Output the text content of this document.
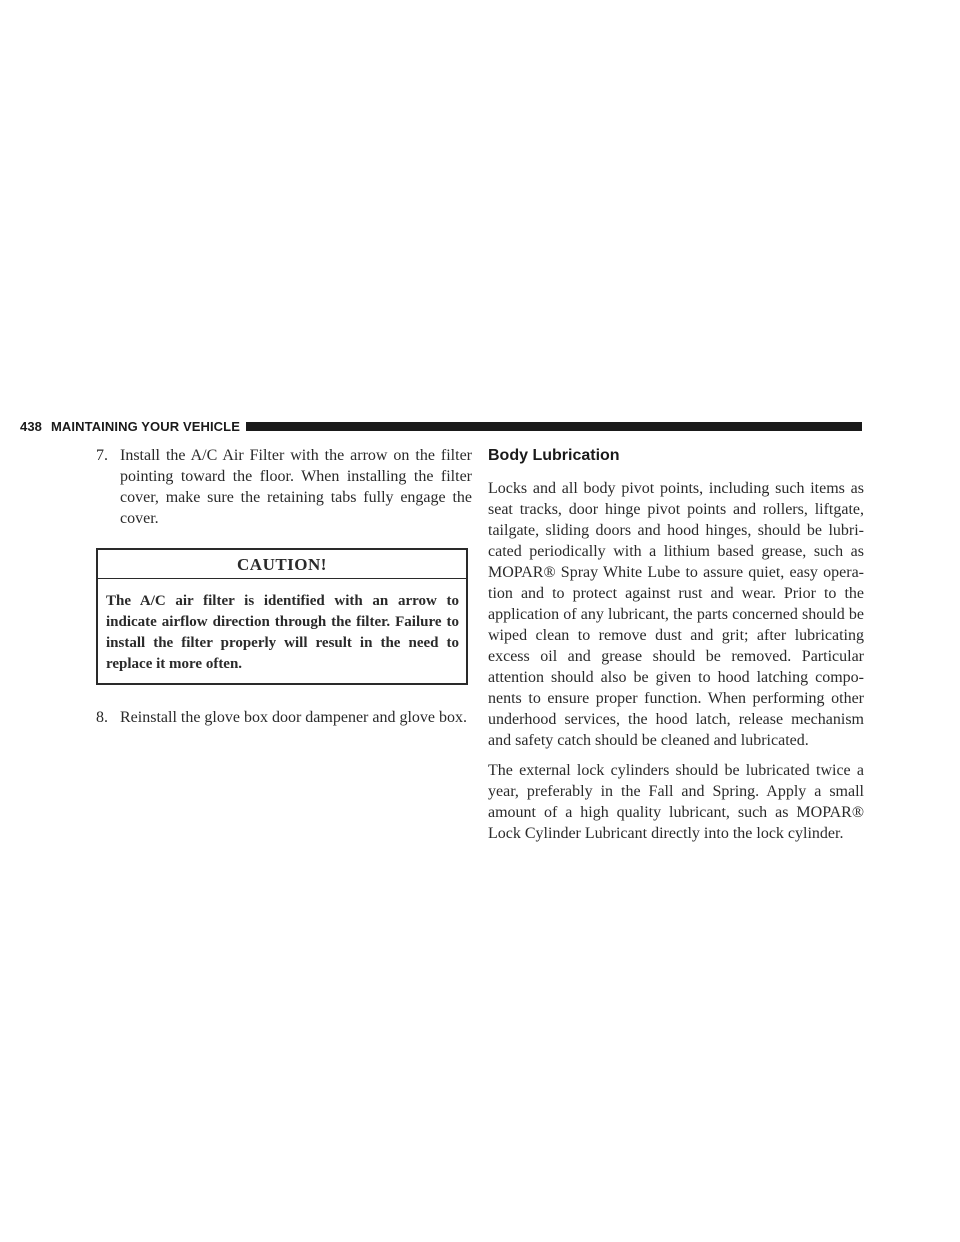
438 MAINTAINING YOUR VEHICLE
7. Install the A/C Air Filter with the arrow on the filter pointing toward the floor. When installing the filter cover, make sure the retaining tabs fully engage the cover.
CAUTION!

The A/C air filter is identified with an arrow to indicate airflow direction through the filter. Failure to install the filter properly will result in the need to replace it more often.

8. Reinstall the glove box door dampener and glove box.
Body Lubrication

Locks and all body pivot points, including such items as seat tracks, door hinge pivot points and rollers, liftgate, tailgate, sliding doors and hood hinges, should be lubri-cated periodically with a lithium based grease, such as MOPAR® Spray White Lube to assure quiet, easy opera-tion and to protect against rust and wear. Prior to the application of any lubricant, the parts concerned should be wiped clean to remove dust and grit; after lubricating excess oil and grease should be removed. Particular attention should also be given to hood latching compo-nents to ensure proper function. When performing other underhood services, the hood latch, release mechanism and safety catch should be cleaned and lubricated.

The external lock cylinders should be lubricated twice a year, preferably in the Fall and Spring. Apply a small amount of a high quality lubricant, such as MOPAR® Lock Cylinder Lubricant directly into the lock cylinder.
